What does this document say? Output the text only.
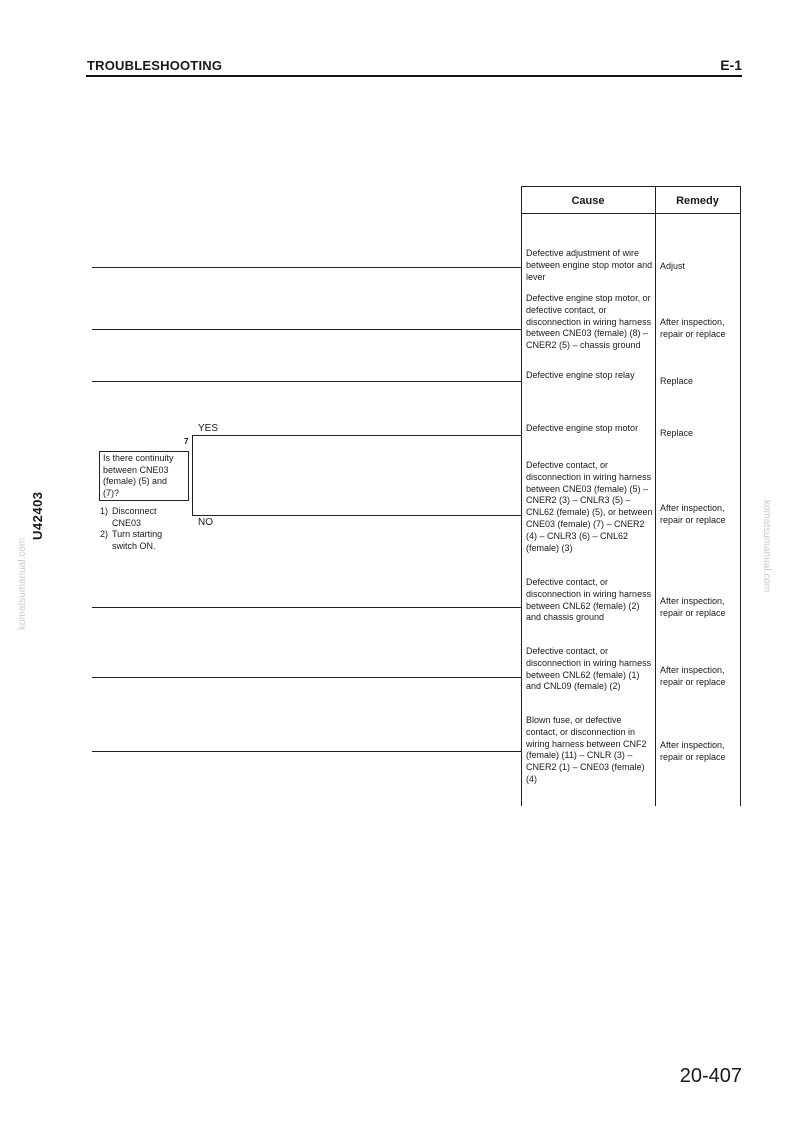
TROUBLESHOOTING	E-1
U42403
komatsumanual.com	komatsumanual.com
Cause	Remedy
7
YES
NO
Is there continuity between CNE03 (female) (5) and (7)?
1) Disconnect CNE03
2) Turn starting switch ON.
Defective adjustment of wire between engine stop motor and lever
Adjust
Defective engine stop motor, or defective contact, or disconnection in wiring harness between CNE03 (female) (8) – CNER2 (5) – chassis ground
After inspection, repair or replace
Defective engine stop relay
Replace
Defective engine stop motor	Replace
Defective contact, or disconnection in wiring harness between CNE03 (female) (5) – CNER2 (3) – CNLR3 (5) – CNL62 (female) (5), or between CNE03 (female) (7) – CNER2 (4) – CNLR3 (6) – CNL62 (female) (3)
After inspection, repair or replace
Defective contact, or disconnection in wiring harness between CNL62 (female) (2) and chassis ground
After inspection, repair or replace
Defective contact, or disconnection in wiring harness between CNL62 (female) (1) and CNL09 (female) (2)
After inspection, repair or replace
Blown fuse, or defective contact, or disconnection in wiring harness between CNF2 (female) (11) – CNLR (3) – CNER2 (1) – CNE03 (female) (4)
After inspection, repair or replace
20-407
